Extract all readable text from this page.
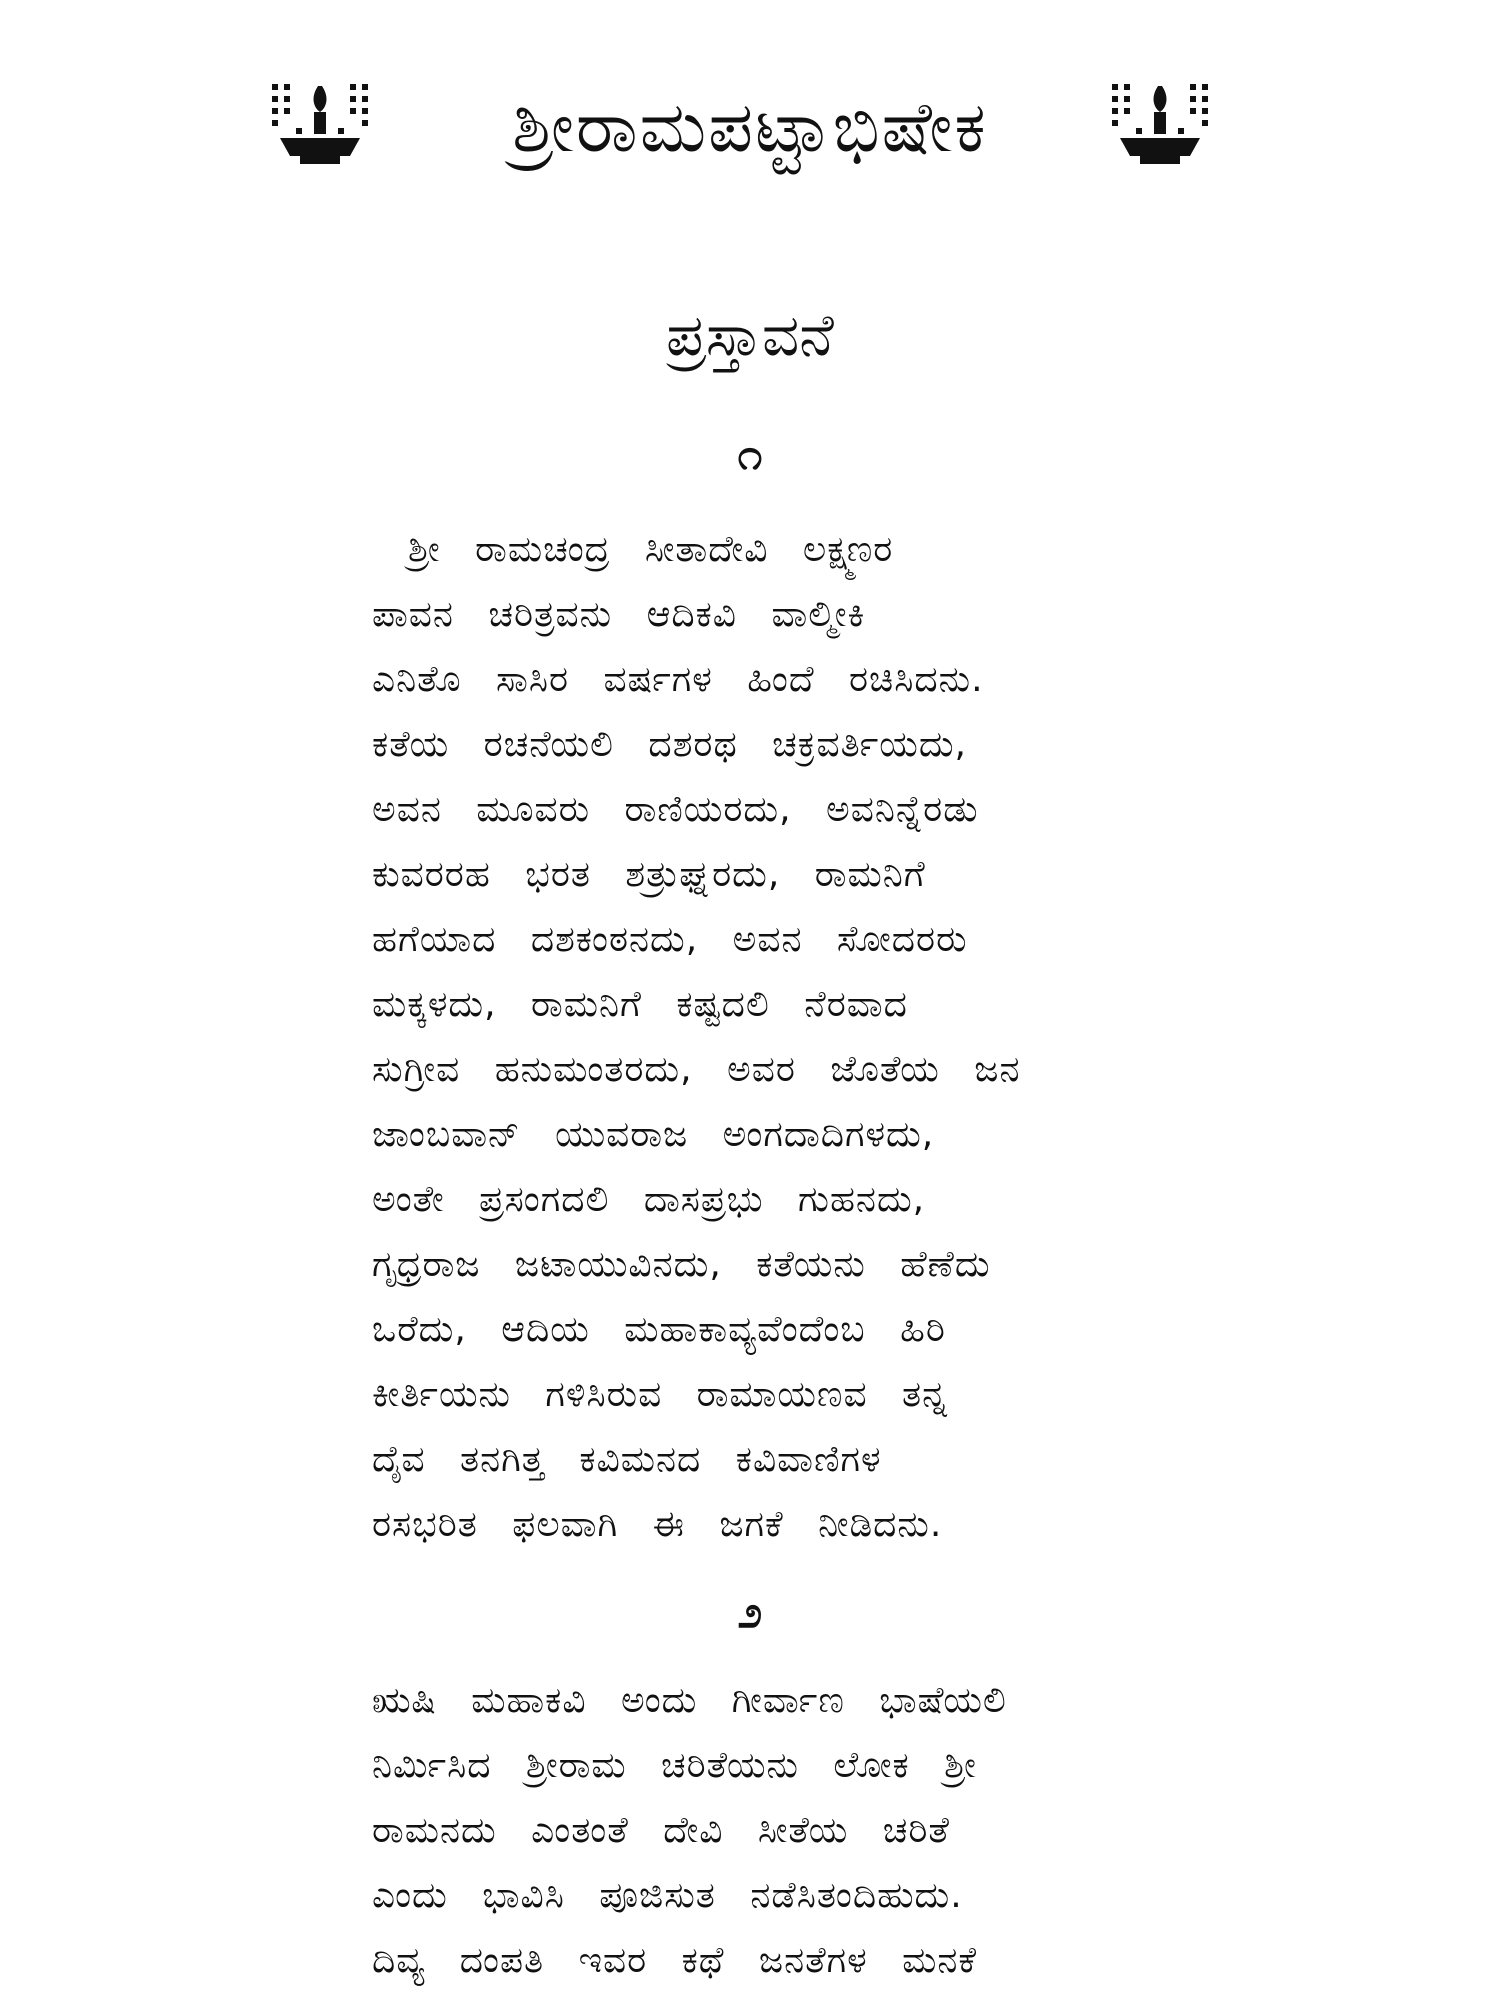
ಶ್ರೀರಾಮಪಟ್ಟಾಭಿಷೇಕ
ಪ್ರಸ್ತಾವನೆ
೧
ಶ್ರೀ ರಾಮಚಂದ್ರ ಸೀತಾದೇವಿ ಲಕ್ಷ್ಮಣರ
ಪಾವನ ಚರಿತ್ರವನು ಆದಿಕವಿ ವಾಲ್ಮೀಕಿ
ಎನಿತೊ ಸಾಸಿರ ವರ್ಷಗಳ ಹಿಂದೆ ರಚಿಸಿದನು.
ಕತೆಯ ರಚನೆಯಲಿ ದಶರಥ ಚಕ್ರವರ್ತಿಯದು,
ಅವನ ಮೂವರು ರಾಣಿಯರದು, ಅವನಿನ್ನೆರಡು
ಕುವರರಹ ಭರತ ಶತ್ರುಘ್ನರದು, ರಾಮನಿಗೆ
ಹಗೆಯಾದ ದಶಕಂಠನದು, ಅವನ ಸೋದರರು
ಮಕ್ಕಳದು, ರಾಮನಿಗೆ ಕಷ್ಟದಲಿ ನೆರವಾದ
ಸುಗ್ರೀವ ಹನುಮಂತರದು, ಅವರ ಜೊತೆಯ ಜನ
ಜಾಂಬವಾನ್ ಯುವರಾಜ ಅಂಗದಾದಿಗಳದು,
ಅಂತೇ ಪ್ರಸಂಗದಲಿ ದಾಸಪ್ರಭು ಗುಹನದು,
ಗೃಧ್ರರಾಜ ಜಟಾಯುವಿನದು, ಕತೆಯನು ಹೆಣೆದು
ಒರೆದು, ಆದಿಯ ಮಹಾಕಾವ್ಯವೆಂದೆಂಬ ಹಿರಿ
ಕೀರ್ತಿಯನು ಗಳಿಸಿರುವ ರಾಮಾಯಣವ ತನ್ನ
ದೈವ ತನಗಿತ್ತ ಕವಿಮನದ ಕವಿವಾಣಿಗಳ
ರಸಭರಿತ ಫಲವಾಗಿ ಈ ಜಗಕೆ ನೀಡಿದನು.
೨
ಋಷಿ ಮಹಾಕವಿ ಅಂದು ಗೀರ್ವಾಣ ಭಾಷೆಯಲಿ
ನಿರ್ಮಿಸಿದ ಶ್ರೀರಾಮ ಚರಿತೆಯನು ಲೋಕ ಶ್ರೀ
ರಾಮನದು ಎಂತಂತೆ ದೇವಿ ಸೀತೆಯ ಚರಿತೆ
ಎಂದು ಭಾವಿಸಿ ಪೂಜಿಸುತ ನಡೆಸಿತಂದಿಹುದು.
ದಿವ್ಯ ದಂಪತಿ ಇವರ ಕಥೆ ಜನತೆಗಳ ಮನಕೆ
